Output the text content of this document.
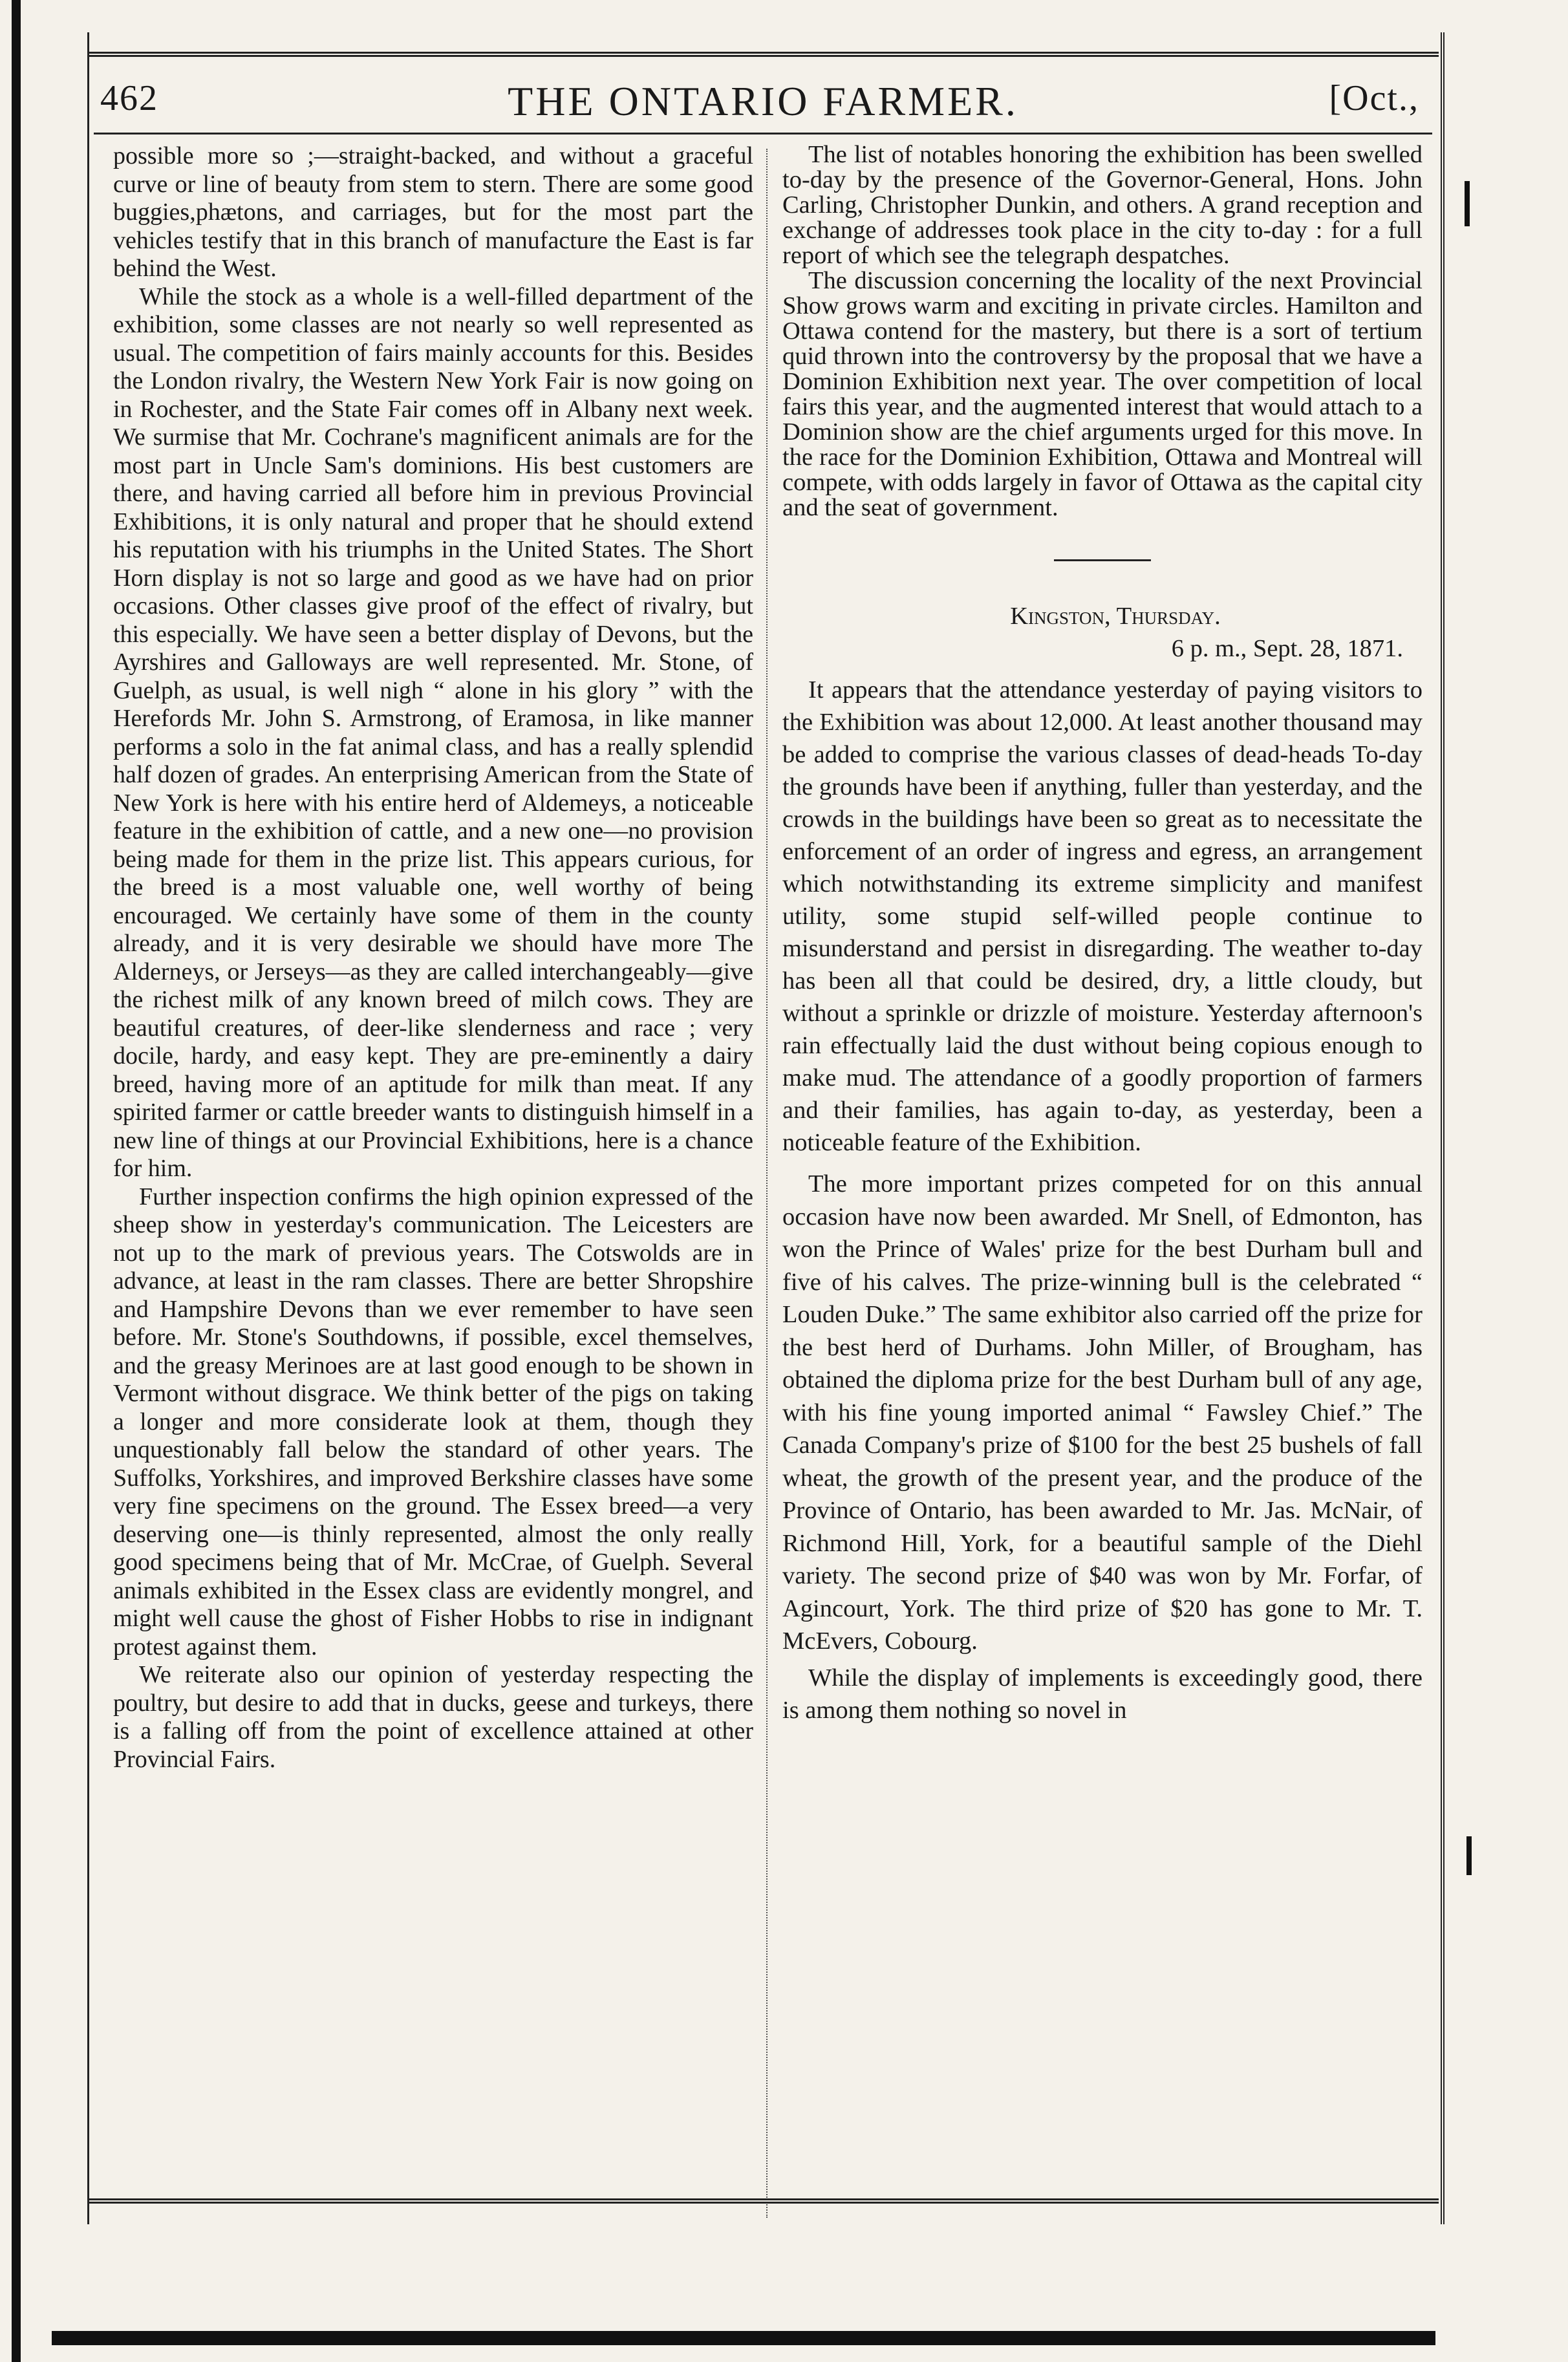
462	THE ONTARIO FARMER.	[Oct.,

possible more so ;—straight-backed, and without a graceful curve or line of beauty from stem to stern. There are some good buggies,phætons, and carriages, but for the most part the vehicles testify that in this branch of manufacture the East is far behind the West.

While the stock as a whole is a well-filled department of the exhibition, some classes are not nearly so well represented as usual. The competition of fairs mainly accounts for this. Besides the London rivalry, the Western New York Fair is now going on in Rochester, and the State Fair comes off in Albany next week. We surmise that Mr. Cochrane's magnificent animals are for the most part in Uncle Sam's dominions. His best customers are there, and having carried all before him in previous Provincial Exhibitions, it is only natural and proper that he should extend his reputation with his triumphs in the United States. The Short Horn display is not so large and good as we have had on prior occasions. Other classes give proof of the effect of rivalry, but this especially. We have seen a better display of Devons, but the Ayrshires and Galloways are well represented. Mr. Stone, of Guelph, as usual, is well nigh “ alone in his glory ” with the Herefords Mr. John S. Armstrong, of Eramosa, in like manner performs a solo in the fat animal class, and has a really splendid half dozen of grades. An enterprising American from the State of New York is here with his entire herd of Aldemeys, a noticeable feature in the exhibition of cattle, and a new one—no provision being made for them in the prize list. This appears curious, for the breed is a most valuable one, well worthy of being encouraged. We certainly have some of them in the county already, and it is very desirable we should have more The Alderneys, or Jerseys—as they are called interchangeably—give the richest milk of any known breed of milch cows. They are beautiful creatures, of deer-like slenderness and race ; very docile, hardy, and easy kept. They are pre-eminently a dairy breed, having more of an aptitude for milk than meat. If any spirited farmer or cattle breeder wants to distinguish himself in a new line of things at our Provincial Exhibitions, here is a chance for him.

Further inspection confirms the high opinion expressed of the sheep show in yesterday's communication. The Leicesters are not up to the mark of previous years. The Cotswolds are in advance, at least in the ram classes. There are better Shropshire and Hampshire Devons than we ever remember to have seen before. Mr. Stone's Southdowns, if possible, excel themselves, and the greasy Merinoes are at last good enough to be shown in Vermont without disgrace. We think better of the pigs on taking a longer and more considerate look at them, though they unquestionably fall below the standard of other years. The Suffolks, Yorkshires, and improved Berkshire classes have some very fine specimens on the ground. The Essex breed—a very deserving one—is thinly represented, almost the only really good specimens being that of Mr. McCrae, of Guelph. Several animals exhibited in the Essex class are evidently mongrel, and might well cause the ghost of Fisher Hobbs to rise in indignant protest against them.

We reiterate also our opinion of yesterday respecting the poultry, but desire to add that in ducks, geese and turkeys, there is a falling off from the point of excellence attained at other Provincial Fairs.

The list of notables honoring the exhibition has been swelled to-day by the presence of the Governor-General, Hons. John Carling, Christopher Dunkin, and others. A grand reception and exchange of addresses took place in the city to-day : for a full report of which see the telegraph despatches.

The discussion concerning the locality of the next Provincial Show grows warm and exciting in private circles. Hamilton and Ottawa contend for the mastery, but there is a sort of tertium quid thrown into the controversy by the proposal that we have a Dominion Exhibition next year. The over competition of local fairs this year, and the augmented interest that would attach to a Dominion show are the chief arguments urged for this move. In the race for the Dominion Exhibition, Ottawa and Montreal will compete, with odds largely in favor of Ottawa as the capital city and the seat of government.

Kingston, Thursday.

6 p. m., Sept. 28, 1871.

It appears that the attendance yesterday of paying visitors to the Exhibition was about 12,000. At least another thousand may be added to comprise the various classes of dead-heads To-day the grounds have been if anything, fuller than yesterday, and the crowds in the buildings have been so great as to necessitate the enforcement of an order of ingress and egress, an arrangement which notwithstanding its extreme simplicity and manifest utility, some stupid self-willed people continue to misunderstand and persist in disregarding. The weather to-day has been all that could be desired, dry, a little cloudy, but without a sprinkle or drizzle of moisture. Yesterday afternoon's rain effectually laid the dust without being copious enough to make mud. The attendance of a goodly proportion of farmers and their families, has again to-day, as yesterday, been a noticeable feature of the Exhibition.

The more important prizes competed for on this annual occasion have now been awarded. Mr Snell, of Edmonton, has won the Prince of Wales' prize for the best Durham bull and five of his calves. The prize-winning bull is the celebrated “ Louden Duke.” The same exhibitor also carried off the prize for the best herd of Durhams. John Miller, of Brougham, has obtained the diploma prize for the best Durham bull of any age, with his fine young imported animal “ Fawsley Chief.” The Canada Company's prize of $100 for the best 25 bushels of fall wheat, the growth of the present year, and the produce of the Province of Ontario, has been awarded to Mr. Jas. McNair, of Richmond Hill, York, for a beautiful sample of the Diehl variety. The second prize of $40 was won by Mr. Forfar, of Agincourt, York. The third prize of $20 has gone to Mr. T. McEvers, Cobourg.

While the display of implements is exceedingly good, there is among them nothing so novel in
